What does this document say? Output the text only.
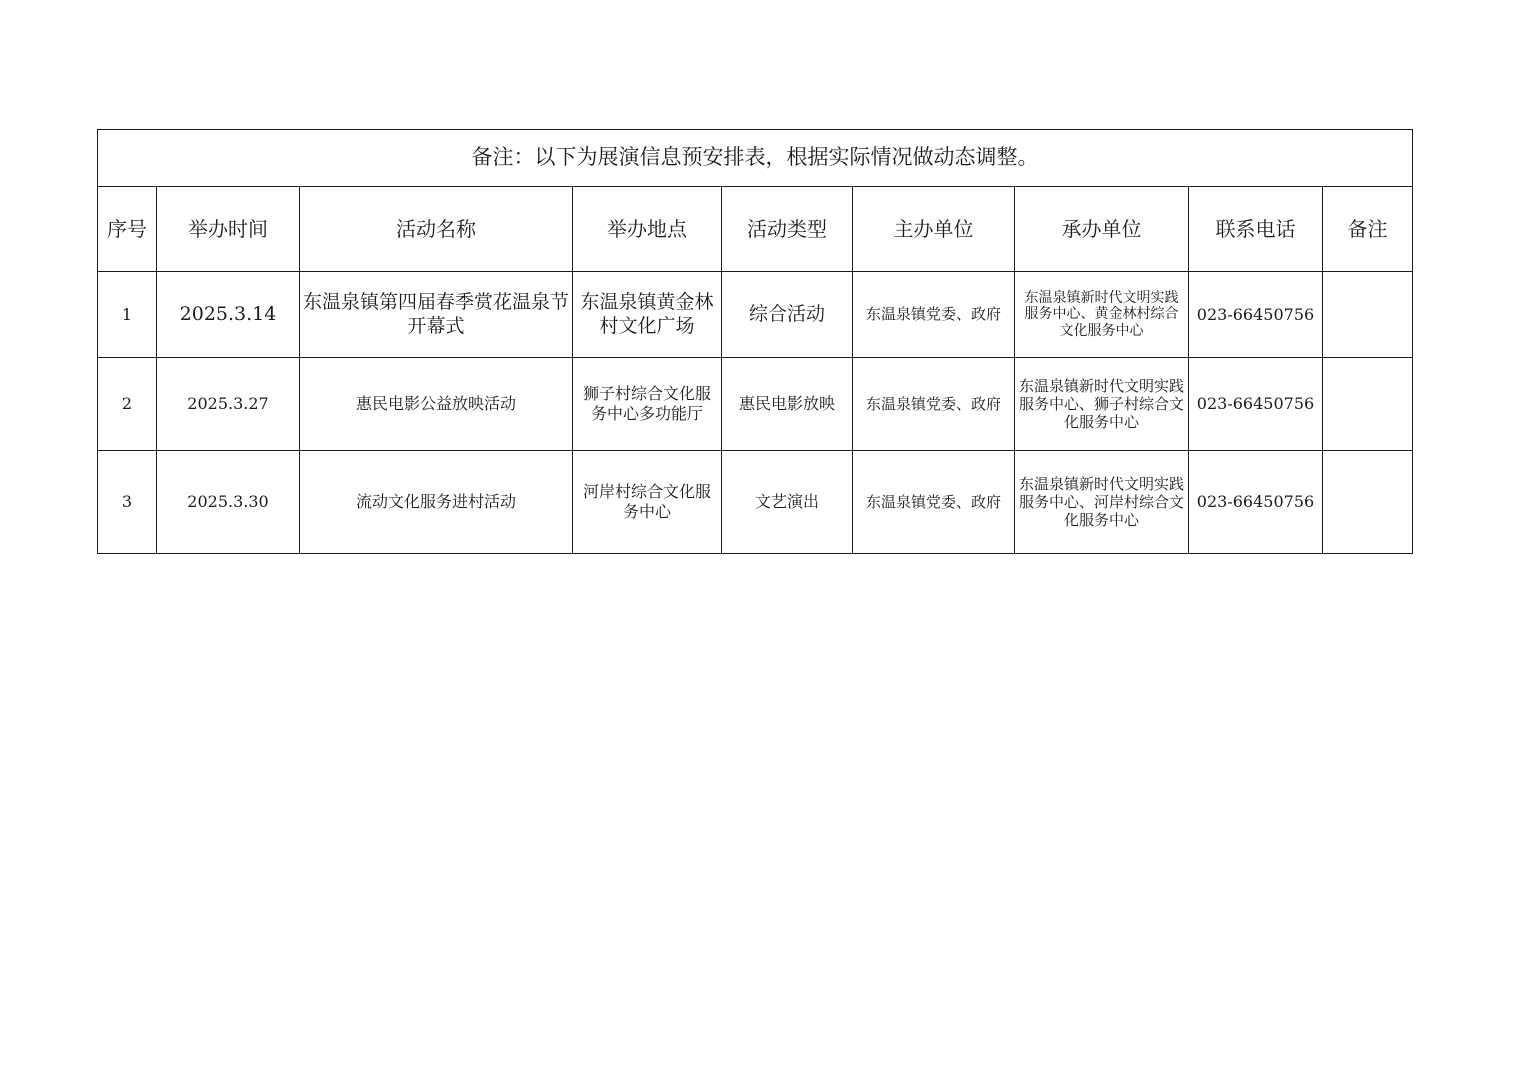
备注：以下为展演信息预安排表，根据实际情况做动态调整。								
序号	举办时间	活动名称	举办地点	活动类型	主办单位	承办单位	联系电话	备注
1	2025.3.14	东温泉镇第四届春季赏花温泉节开幕式	东温泉镇黄金林村文化广场	综合活动	东温泉镇党委、政府	东温泉镇新时代文明实践服务中心、黄金林村综合文化服务中心	023-66450756	
2	2025.3.27	惠民电影公益放映活动	狮子村综合文化服务中心多功能厅	惠民电影放映	东温泉镇党委、政府	东温泉镇新时代文明实践服务中心、狮子村综合文化服务中心	023-66450756	
3	2025.3.30	流动文化服务进村活动	河岸村综合文化服务中心	文艺演出	东温泉镇党委、政府	东温泉镇新时代文明实践服务中心、河岸村综合文化服务中心	023-66450756	
